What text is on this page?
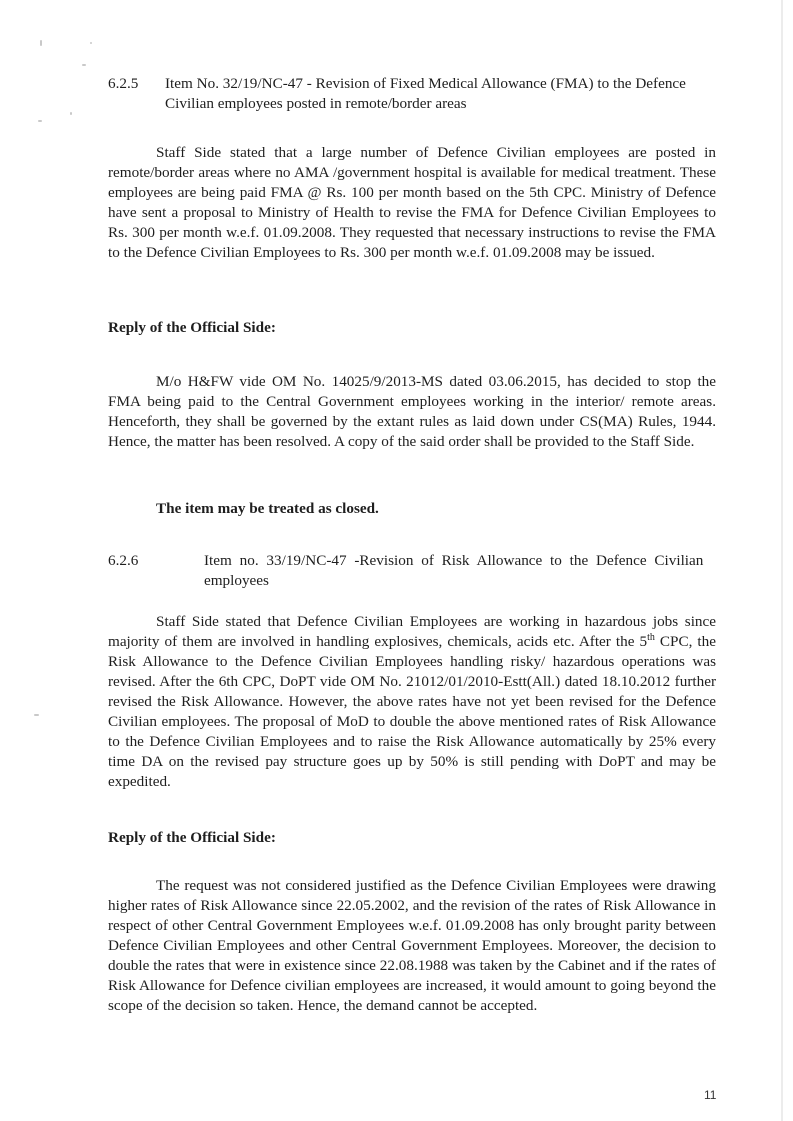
6.2.5 Item No. 32/19/NC-47 - Revision of Fixed Medical Allowance (FMA) to the Defence
Civilian employees posted in remote/border areas

Staff Side stated that a large number of Defence Civilian employees are posted in remote/border areas where no AMA /government hospital is available for medical treatment. These employees are being paid FMA @ Rs. 100 per month based on the 5th CPC. Ministry of Defence have sent a proposal to Ministry of Health to revise the FMA for Defence Civilian Employees to Rs. 300 per month w.e.f. 01.09.2008. They requested that necessary instructions to revise the FMA to the Defence Civilian Employees to Rs. 300 per month w.e.f. 01.09.2008 may be issued.

Reply of the Official Side:

M/o H&FW vide OM No. 14025/9/2013-MS dated 03.06.2015, has decided to stop the FMA being paid to the Central Government employees working in the interior/ remote areas. Henceforth, they shall be governed by the extant rules as laid down under CS(MA) Rules, 1944. Hence, the matter has been resolved. A copy of the said order shall be provided to the Staff Side.

The item may be treated as closed.
6.2.6	Item no. 33/19/NC-47 -Revision of Risk Allowance to the Defence Civilian
employees

Staff Side stated that Defence Civilian Employees are working in hazardous jobs since majority of them are involved in handling explosives, chemicals, acids etc. After the 5th CPC, the Risk Allowance to the Defence Civilian Employees handling risky/ hazardous operations was revised. After the 6th CPC, DoPT vide OM No. 21012/01/2010-Estt(All.) dated 18.10.2012 further revised the Risk Allowance. However, the above rates have not yet been revised for the Defence Civilian employees. The proposal of MoD to double the above mentioned rates of Risk Allowance to the Defence Civilian Employees and to raise the Risk Allowance automatically by 25% every time DA on the revised pay structure goes up by 50% is still pending with DoPT and may be expedited.

Reply of the Official Side:

The request was not considered justified as the Defence Civilian Employees were drawing higher rates of Risk Allowance since 22.05.2002, and the revision of the rates of Risk Allowance in respect of other Central Government Employees w.e.f. 01.09.2008 has only brought parity between Defence Civilian Employees and other Central Government Employees. Moreover, the decision to double the rates that were in existence since 22.08.1988 was taken by the Cabinet and if the rates of Risk Allowance for Defence civilian employees are increased, it would amount to going beyond the scope of the decision so taken. Hence, the demand cannot be accepted.

11
